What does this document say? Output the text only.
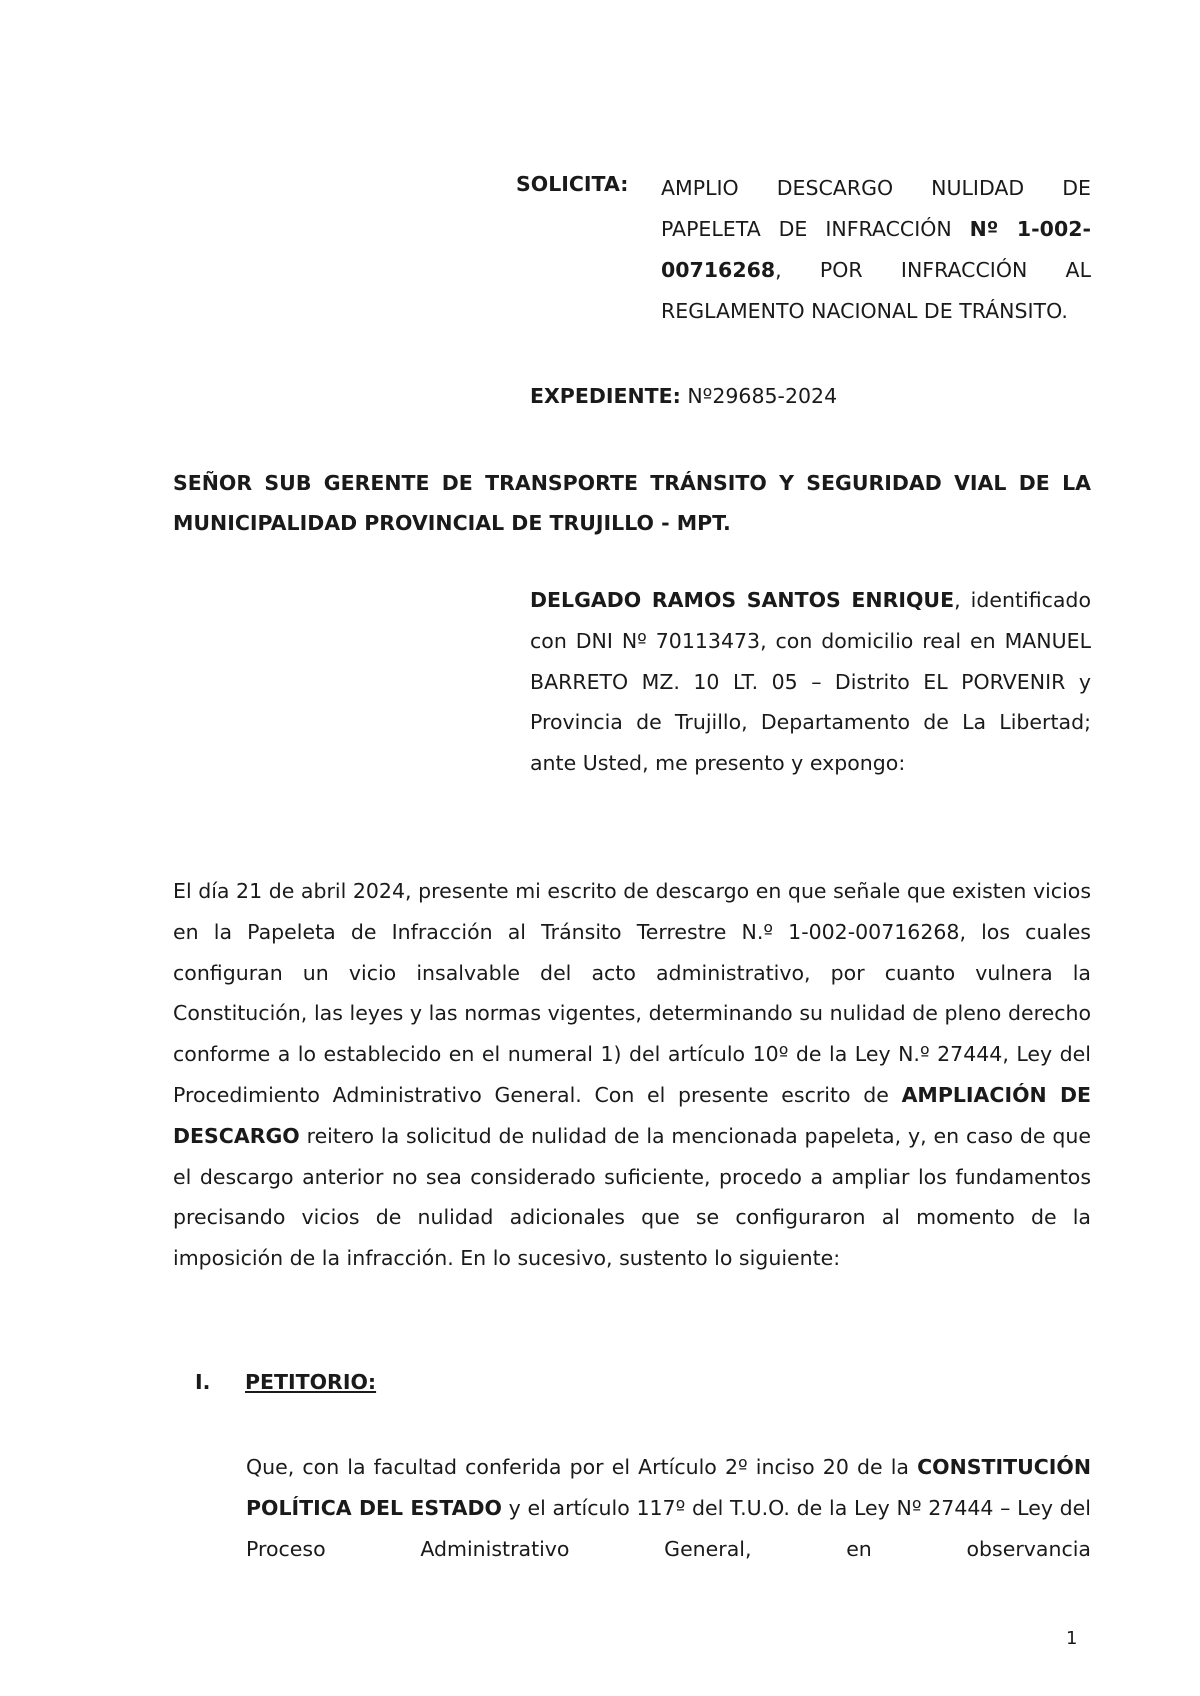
SOLICITA: AMPLIO DESCARGO NULIDAD DE PAPELETA DE INFRACCIÓN Nº 1-002-00716268, POR INFRACCIÓN AL REGLAMENTO NACIONAL DE TRÁNSITO.
EXPEDIENTE: Nº29685-2024
SEÑOR SUB GERENTE DE TRANSPORTE TRÁNSITO Y SEGURIDAD VIAL DE LA MUNICIPALIDAD PROVINCIAL DE TRUJILLO - MPT.
DELGADO RAMOS SANTOS ENRIQUE, identificado con DNI Nº 70113473, con domicilio real en MANUEL BARRETO MZ. 10 LT. 05 – Distrito EL PORVENIR y Provincia de Trujillo, Departamento de La Libertad; ante Usted, me presento y expongo:
El día 21 de abril 2024, presente mi escrito de descargo en que señale que existen vicios en la Papeleta de Infracción al Tránsito Terrestre N.º 1-002-00716268, los cuales configuran un vicio insalvable del acto administrativo, por cuanto vulnera la Constitución, las leyes y las normas vigentes, determinando su nulidad de pleno derecho conforme a lo establecido en el numeral 1) del artículo 10º de la Ley N.º 27444, Ley del Procedimiento Administrativo General. Con el presente escrito de AMPLIACIÓN DE DESCARGO reitero la solicitud de nulidad de la mencionada papeleta, y, en caso de que el descargo anterior no sea considerado suficiente, procedo a ampliar los fundamentos precisando vicios de nulidad adicionales que se configuraron al momento de la imposición de la infracción. En lo sucesivo, sustento lo siguiente:
I. PETITORIO:
Que, con la facultad conferida por el Artículo 2º inciso 20 de la CONSTITUCIÓN POLÍTICA DEL ESTADO y el artículo 117º del T.U.O. de la Ley Nº 27444 – Ley del Proceso Administrativo General, en observancia
1
